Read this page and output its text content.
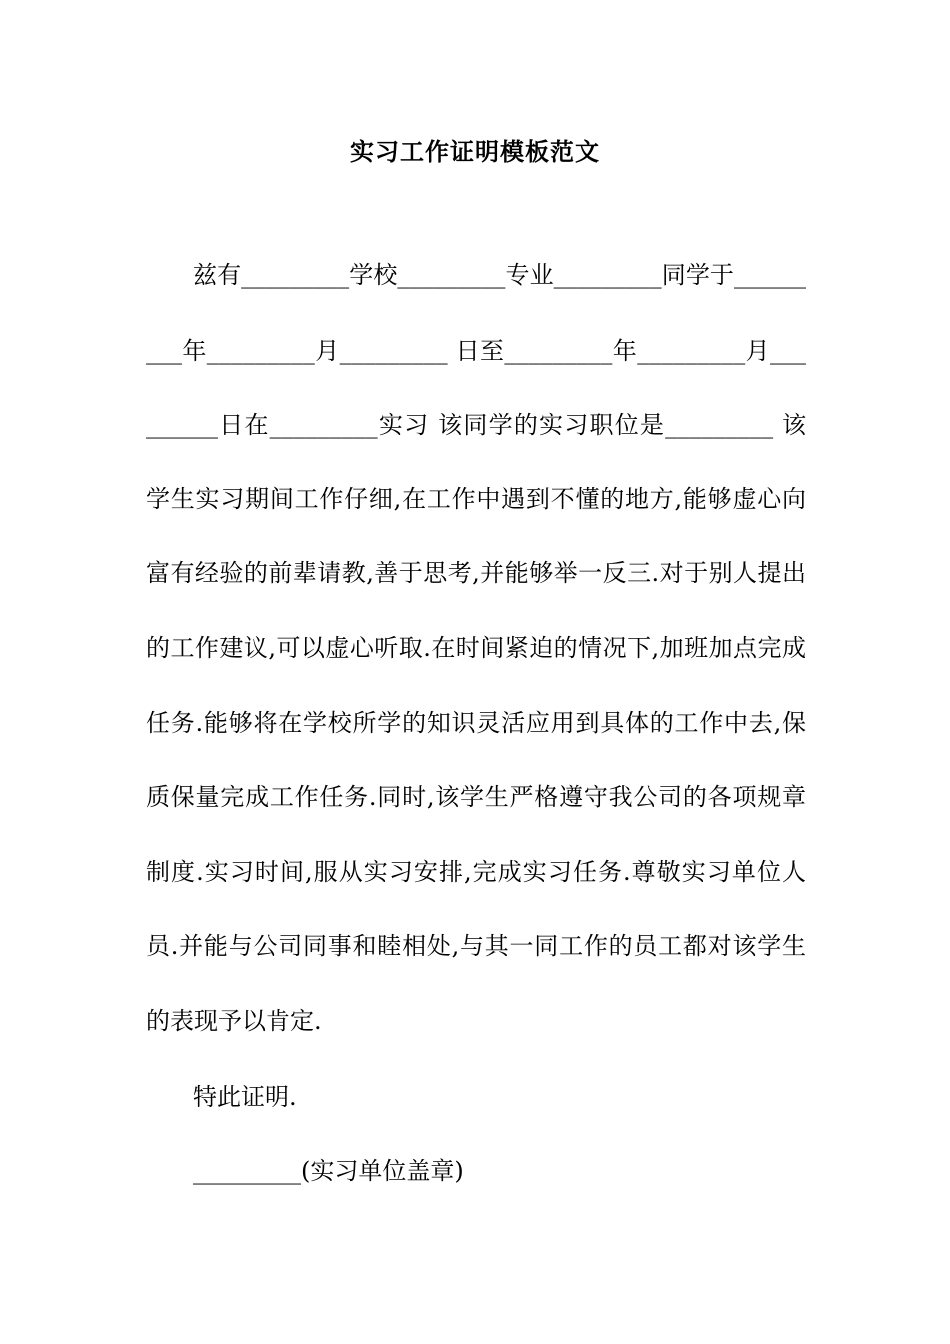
实习工作证明模板范文
兹有_________学校_________专业_________同学于______
___年_________月_________ 日至_________年_________月___
______日在_________实习 该同学的实习职位是_________ 该
学生实习期间工作仔细,在工作中遇到不懂的地方,能够虚心向
富有经验的前辈请教,善于思考,并能够举一反三.对于别人提出
的工作建议,可以虚心听取.在时间紧迫的情况下,加班加点完成
任务.能够将在学校所学的知识灵活应用到具体的工作中去,保
质保量完成工作任务.同时,该学生严格遵守我公司的各项规章
制度.实习时间,服从实习安排,完成实习任务.尊敬实习单位人
员.并能与公司同事和睦相处,与其一同工作的员工都对该学生
的表现予以肯定.
特此证明.
_________(实习单位盖章)
